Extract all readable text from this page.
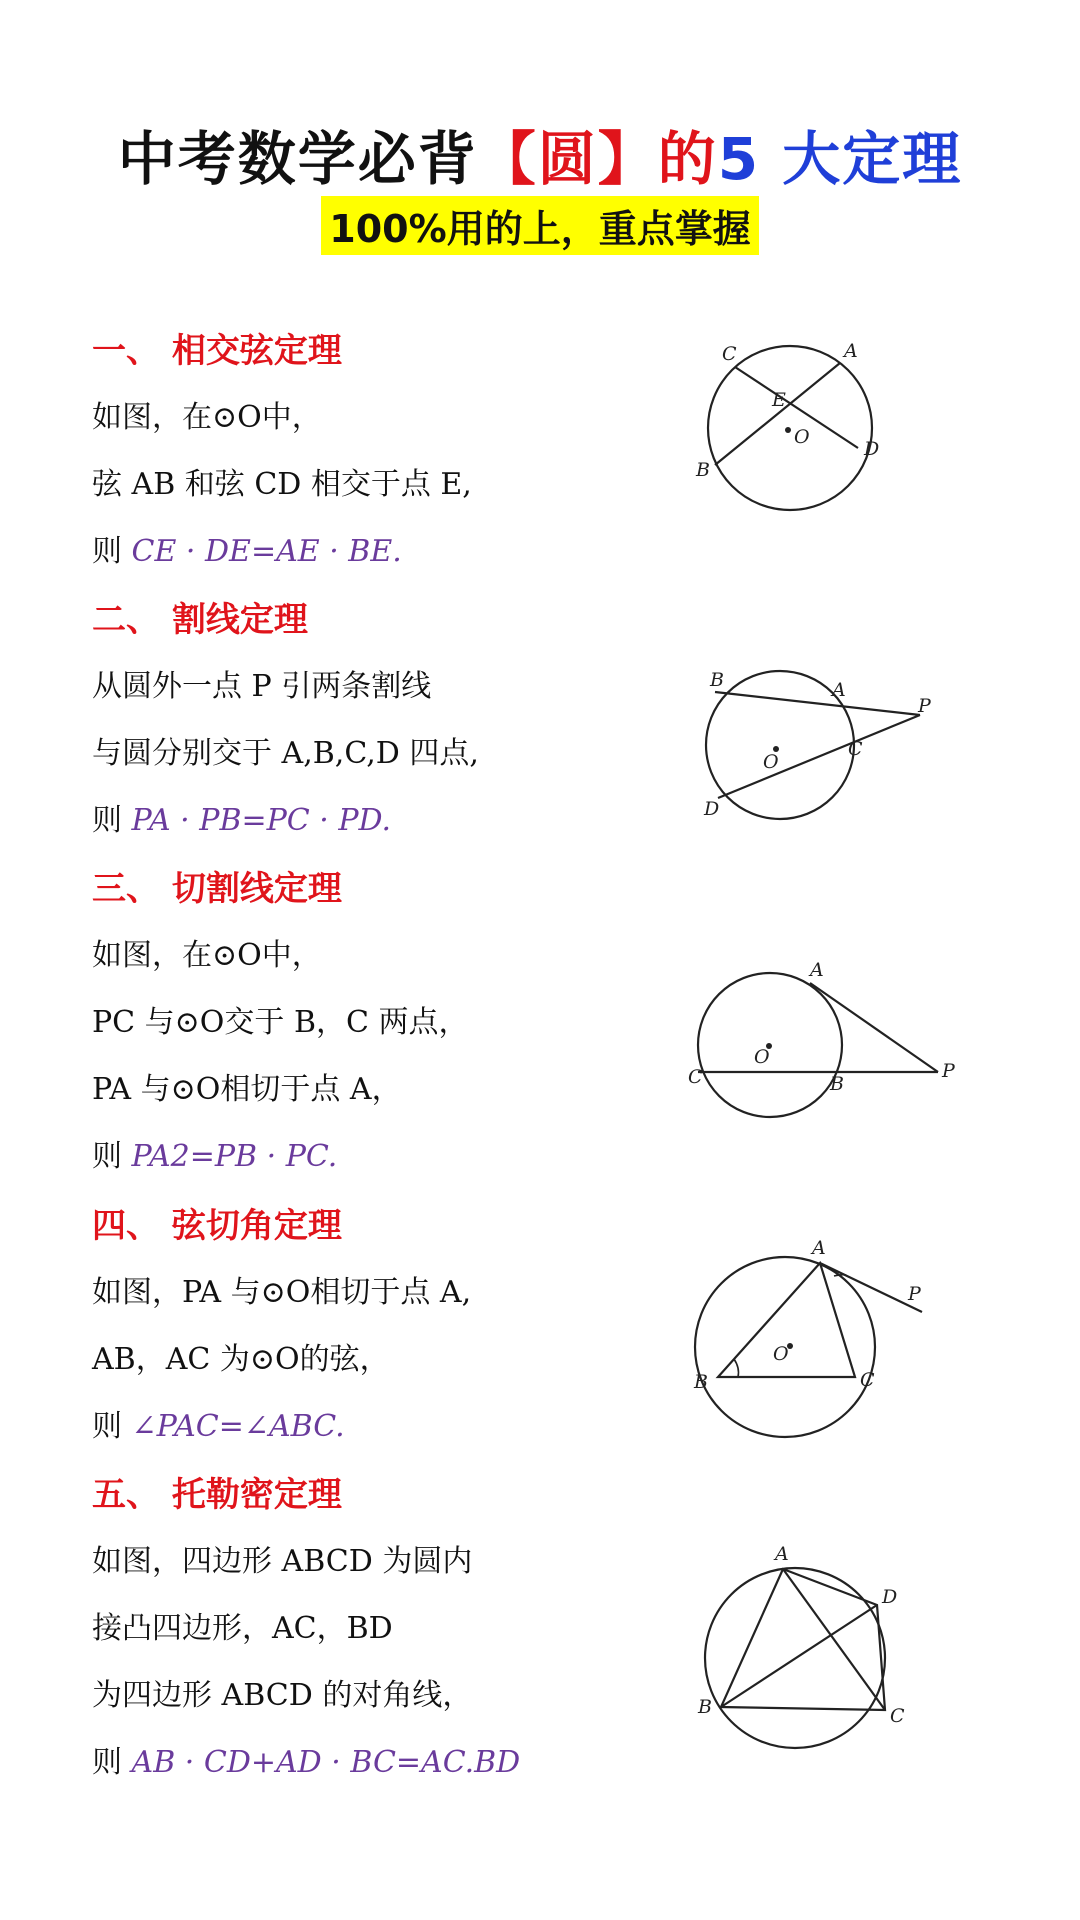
中考数学必背【圆】的5 大定理
100%用的上，重点掌握
一、 相交弦定理
如图，在⊙O中，
弦 AB 和弦 CD 相交于点 E,
则 CE · DE=AE · BE.
C	A
E
O
B
D
二、 割线定理
从圆外一点 P 引两条割线
与圆分别交于 A,B,C,D 四点,
则 PA · PB=PC · PD.
B	A
P
O
C
D
三、 切割线定理
如图，在⊙O中，
PC 与⊙O交于 B，C 两点，
PA 与⊙O相切于点 A，
则 PA2=PB · PC.
A
O
C	B
P
四、 弦切角定理
如图，PA 与⊙O相切于点 A,
AB，AC 为⊙O的弦，
则 ∠PAC=∠ABC.
A
P
O
B	C
五、 托勒密定理
如图，四边形 ABCD 为圆内
接凸四边形，AC，BD
为四边形 ABCD 的对角线，
则 AB · CD+AD · BC=AC.BD
A
D
B	C
